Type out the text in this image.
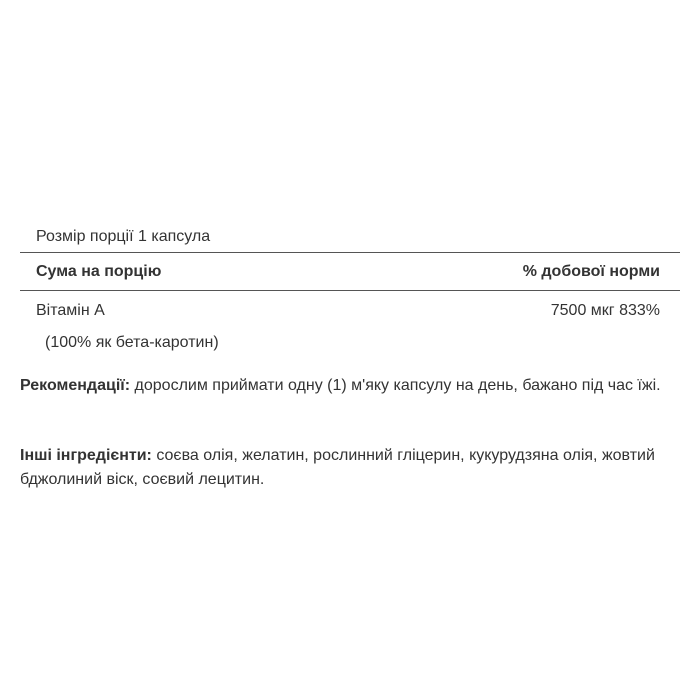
Розмір порції 1 капсула
Сума на порцію	% добової норми
Вітамін А	7500 мкг 833%
(100% як бета-каротин)

Рекомендації: дорослим приймати одну (1) м'яку капсулу на день, бажано під час їжі.

Інші інгредієнти: соєва олія, желатин, рослинний гліцерин, кукурудзяна олія, жовтий бджолиний віск, соєвий лецитин.
